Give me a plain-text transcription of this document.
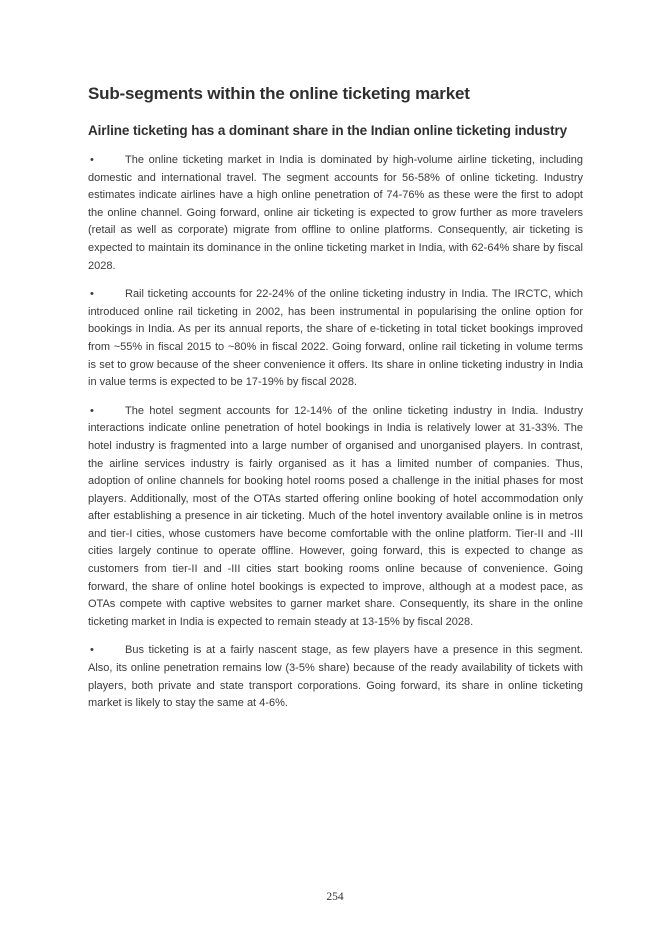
Sub-segments within the online ticketing market
Airline ticketing has a dominant share in the Indian online ticketing industry

•	The online ticketing market in India is dominated by high-volume airline ticketing, including domestic and international travel. The segment accounts for 56-58% of online ticketing. Industry estimates indicate airlines have a high online penetration of 74-76% as these were the first to adopt the online channel. Going forward, online air ticketing is expected to grow further as more travelers (retail as well as corporate) migrate from offline to online platforms. Consequently, air ticketing is expected to maintain its dominance in the online ticketing market in India, with 62-64% share by fiscal 2028.

•	Rail ticketing accounts for 22-24% of the online ticketing industry in India. The IRCTC, which introduced online rail ticketing in 2002, has been instrumental in popularising the online option for bookings in India. As per its annual reports, the share of e-ticketing in total ticket bookings improved from ~55% in fiscal 2015 to ~80% in fiscal 2022. Going forward, online rail ticketing in volume terms is set to grow because of the sheer convenience it offers. Its share in online ticketing industry in India in value terms is expected to be 17-19% by fiscal 2028.

•	The hotel segment accounts for 12-14% of the online ticketing industry in India. Industry interactions indicate online penetration of hotel bookings in India is relatively lower at 31-33%. The hotel industry is fragmented into a large number of organised and unorganised players. In contrast, the airline services industry is fairly organised as it has a limited number of companies. Thus, adoption of online channels for booking hotel rooms posed a challenge in the initial phases for most players. Additionally, most of the OTAs started offering online booking of hotel accommodation only after establishing a presence in air ticketing. Much of the hotel inventory available online is in metros and tier-I cities, whose customers have become comfortable with the online platform. Tier-II and -III cities largely continue to operate offline. However, going forward, this is expected to change as customers from tier-II and -III cities start booking rooms online because of convenience. Going forward, the share of online hotel bookings is expected to improve, although at a modest pace, as OTAs compete with captive websites to garner market share. Consequently, its share in the online ticketing market in India is expected to remain steady at 13-15% by fiscal 2028.

•	Bus ticketing is at a fairly nascent stage, as few players have a presence in this segment. Also, its online penetration remains low (3-5% share) because of the ready availability of tickets with players, both private and state transport corporations. Going forward, its share in online ticketing market is likely to stay the same at 4-6%.

254
